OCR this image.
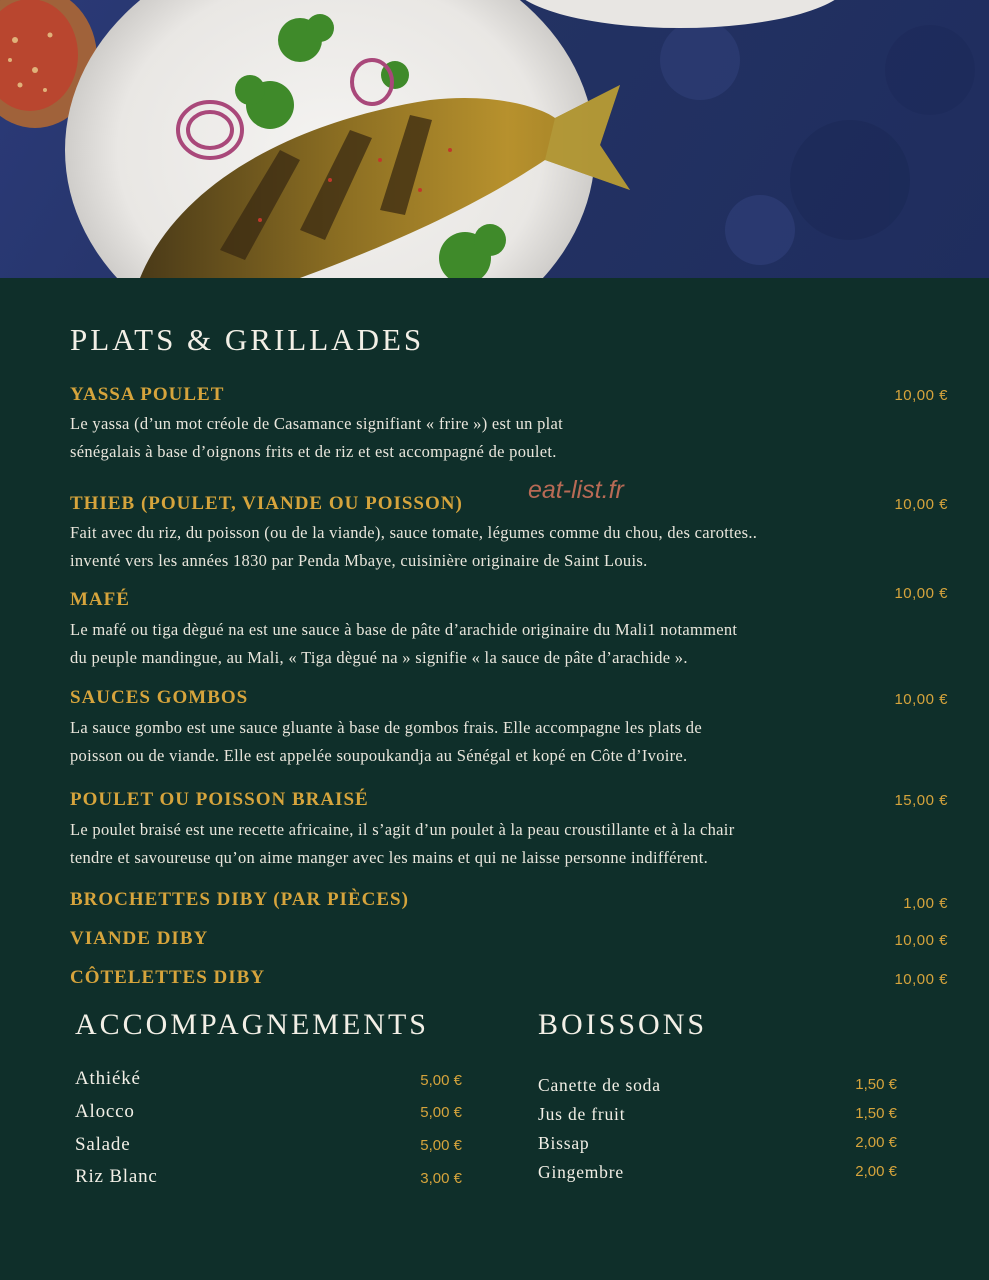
PLATS & GRILLADES
eat-list.fr
YASSA POULET	10,00 €

Le yassa (d’un mot créole de Casamance signifiant « frire ») est un plat
sénégalais à base d’oignons frits et de riz et est accompagné de poulet.

THIEB (POULET, VIANDE OU POISSON)	10,00 €

Fait avec du riz, du poisson (ou de la viande), sauce tomate, légumes comme du chou, des carottes..
inventé vers les années 1830 par Penda Mbaye, cuisinière originaire de Saint Louis.

MAFÉ	10,00 €

Le mafé ou tiga dègué na est une sauce à base de pâte d’arachide originaire du Mali1 notamment
du peuple mandingue, au Mali, « Tiga dègué na » signifie « la sauce de pâte d’arachide ».

SAUCES GOMBOS	10,00 €

La sauce gombo est une sauce gluante à base de gombos frais. Elle accompagne les plats de
poisson ou de viande. Elle est appelée soupoukandja au Sénégal et kopé en Côte d’Ivoire.

POULET OU POISSON BRAISÉ	15,00 €

Le poulet braisé est une recette africaine, il s’agit d’un poulet à la peau croustillante et à la chair
tendre et savoureuse qu’on aime manger avec les mains et qui ne laisse personne indifférent.

BROCHETTES DIBY (PAR PIÈCES)	1,00 €
VIANDE DIBY	10,00 €
CÔTELETTES DIBY	10,00 €
ACCOMPAGNEMENTS
Athiéké	5,00 €
Alocco	5,00 €
Salade	5,00 €
Riz Blanc	3,00 €
BOISSONS
Canette de soda	1,50 €
Jus de fruit	1,50 €
Bissap	2,00 €
Gingembre	2,00 €
